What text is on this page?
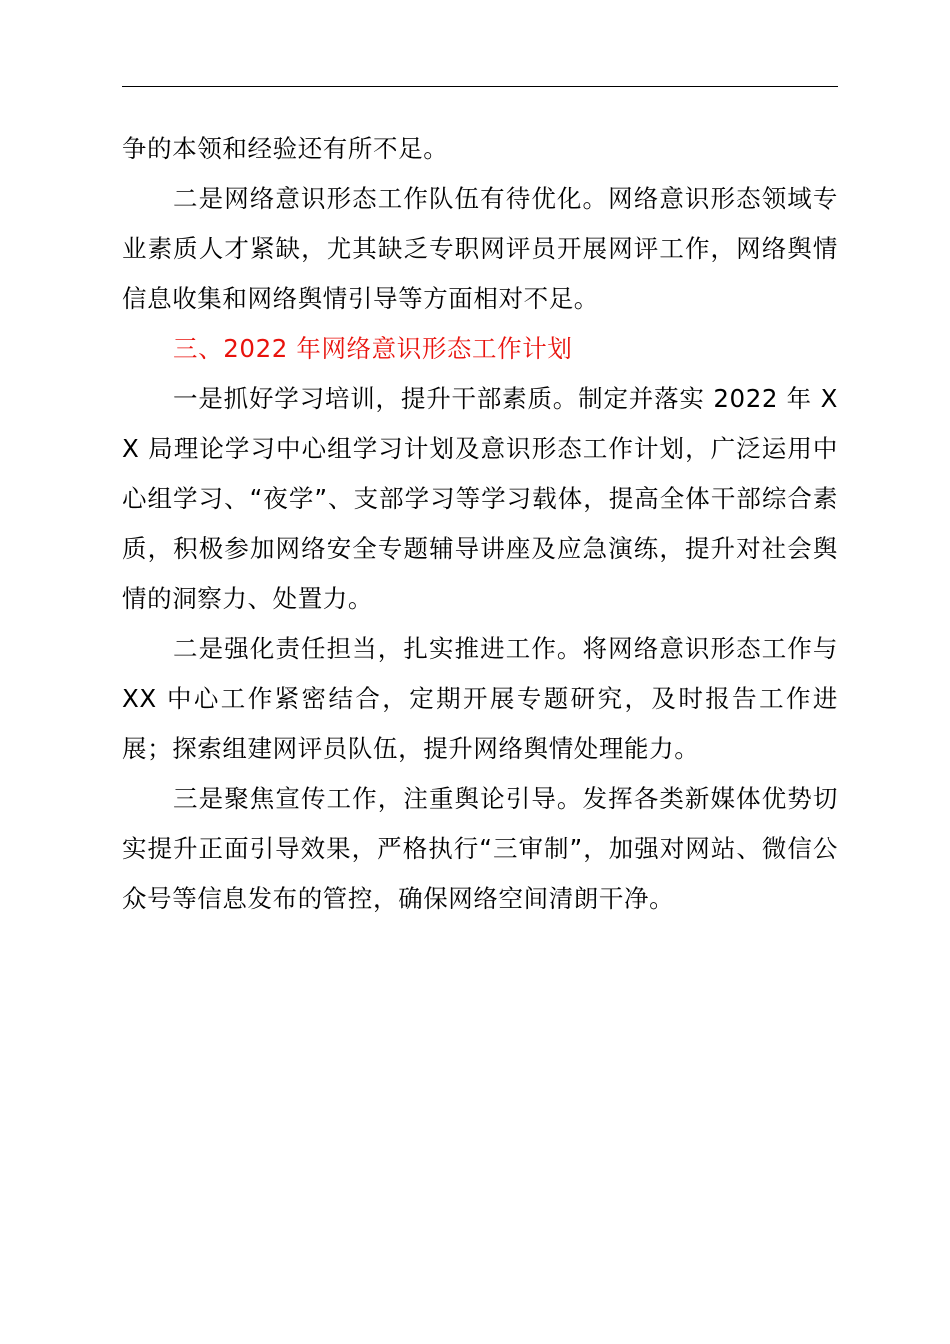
争的本领和经验还有所不足。

二是网络意识形态工作队伍有待优化。网络意识形态领域专业素质人才紧缺，尤其缺乏专职网评员开展网评工作，网络舆情信息收集和网络舆情引导等方面相对不足。

三、2022 年网络意识形态工作计划

一是抓好学习培训，提升干部素质。制定并落实 2022 年 XX 局理论学习中心组学习计划及意识形态工作计划，广泛运用中心组学习、“夜学”、支部学习等学习载体，提高全体干部综合素质，积极参加网络安全专题辅导讲座及应急演练，提升对社会舆情的洞察力、处置力。

二是强化责任担当，扎实推进工作。将网络意识形态工作与 XX 中心工作紧密结合，定期开展专题研究，及时报告工作进展；探索组建网评员队伍，提升网络舆情处理能力。

三是聚焦宣传工作，注重舆论引导。发挥各类新媒体优势切实提升正面引导效果，严格执行“三审制”，加强对网站、微信公众号等信息发布的管控，确保网络空间清朗干净。
